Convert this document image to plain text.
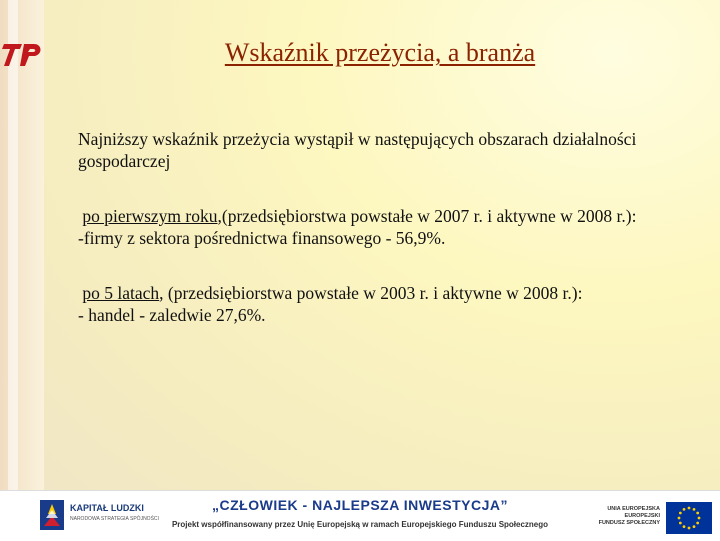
Wskaźnik przeżycia, a branża

Najniższy wskaźnik przeżycia wystąpił w następujących obszarach działalności gospodarczej

po pierwszym roku,(przedsiębiorstwa powstałe w 2007 r. i aktywne w 2008 r.):

-firmy z sektora pośrednictwa finansowego - 56,9%.

po 5 latach, (przedsiębiorstwa powstałe w 2003 r. i aktywne w 2008 r.):

- handel - zaledwie 27,6%.

KAPITAŁ LUDZKI
NARODOWA STRATEGIA SPÓJNOŚCI
„CZŁOWIEK - NAJLEPSZA INWESTYCJA”
Projekt współfinansowany przez Unię Europejską w ramach Europejskiego Funduszu Społecznego
UNIA EUROPEJSKA
EUROPEJSKI
FUNDUSZ SPOŁECZNY
